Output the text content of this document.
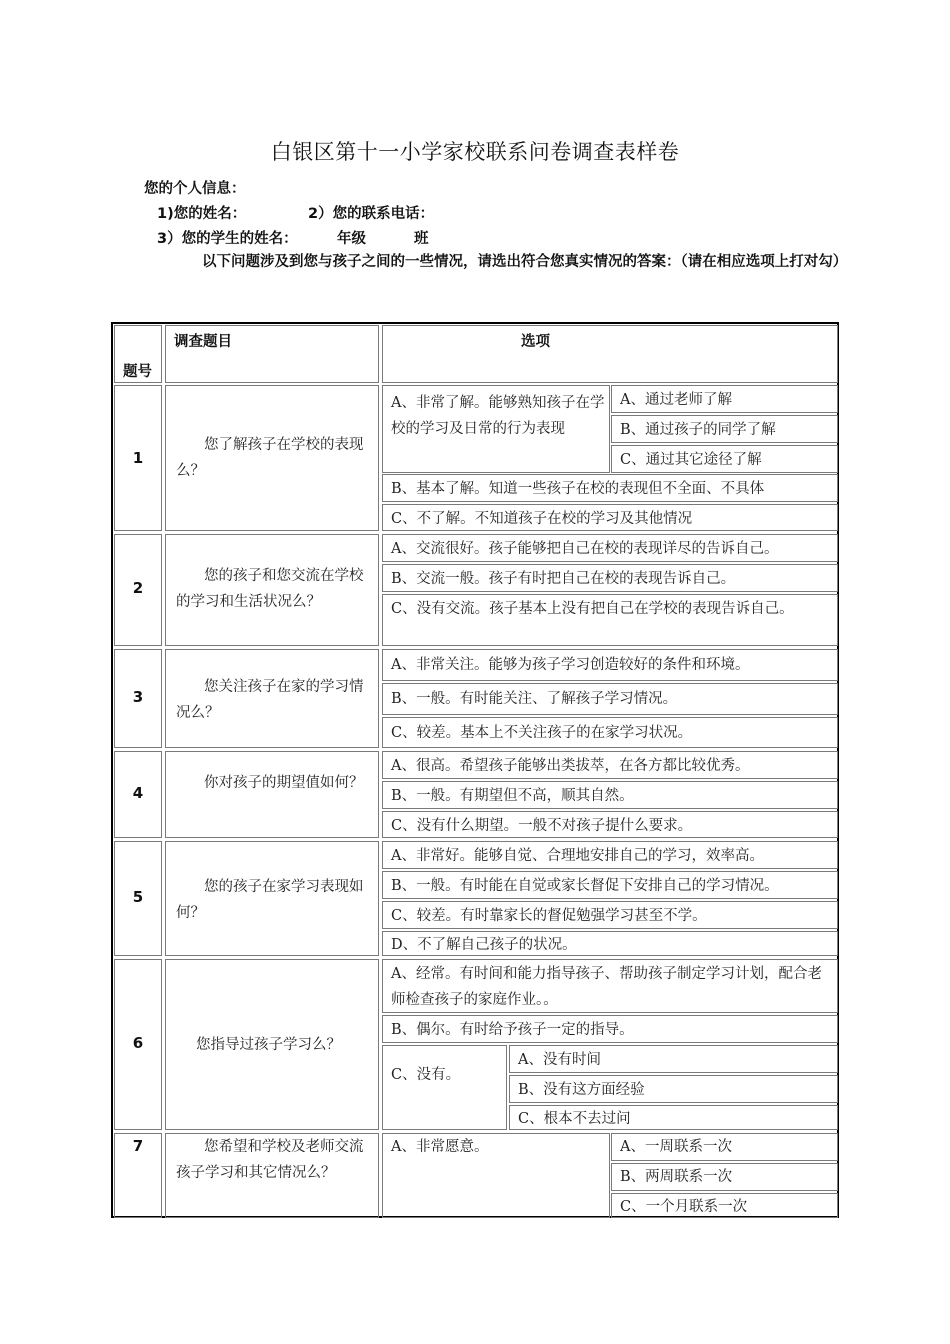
白银区第十一小学家校联系问卷调查表样卷
您的个人信息：
1)您的姓名：	2）您的联系电话：
3）您的学生的姓名：	年级	班
以下问题涉及到您与孩子之间的一些情况，请选出符合您真实情况的答案：（请在相应选项上打对勾）
题号
调查题目	选项
1
您了解孩子在学校的表现么？
A、非常了解。能够熟知孩子在学校的学习及日常的行为表现
A、通过老师了解
B、通过孩子的同学了解
C、通过其它途径了解
B、基本了解。知道一些孩子在校的表现但不全面、不具体
C、不了解。不知道孩子在校的学习及其他情况
2
您的孩子和您交流在学校的学习和生活状况么？
A、交流很好。孩子能够把自己在校的表现详尽的告诉自己。
B、交流一般。孩子有时把自己在校的表现告诉自己。
C、没有交流。孩子基本上没有把自己在学校的表现告诉自己。
3
您关注孩子在家的学习情况么？
A、非常关注。能够为孩子学习创造较好的条件和环境。
B、一般。有时能关注、了解孩子学习情况。
C、较差。基本上不关注孩子的在家学习状况。
4
你对孩子的期望值如何？
A、很高。希望孩子能够出类拔萃，在各方都比较优秀。
B、一般。有期望但不高，顺其自然。
C、没有什么期望。一般不对孩子提什么要求。
5
您的孩子在家学习表现如何？
A、非常好。能够自觉、合理地安排自己的学习，效率高。
B、一般。有时能在自觉或家长督促下安排自己的学习情况。
C、较差。有时靠家长的督促勉强学习甚至不学。
D、不了解自己孩子的状况。
6	您指导过孩子学习么？
A、经常。有时间和能力指导孩子、帮助孩子制定学习计划，配合老师检查孩子的家庭作业。。
B、偶尔。有时给予孩子一定的指导。
C、没有。
A、没有时间
B、没有这方面经验
C、根本不去过问
7	您希望和学校及老师交流孩子学习和其它情况么？
A、非常愿意。	A、一周联系一次
B、两周联系一次
C、一个月联系一次
